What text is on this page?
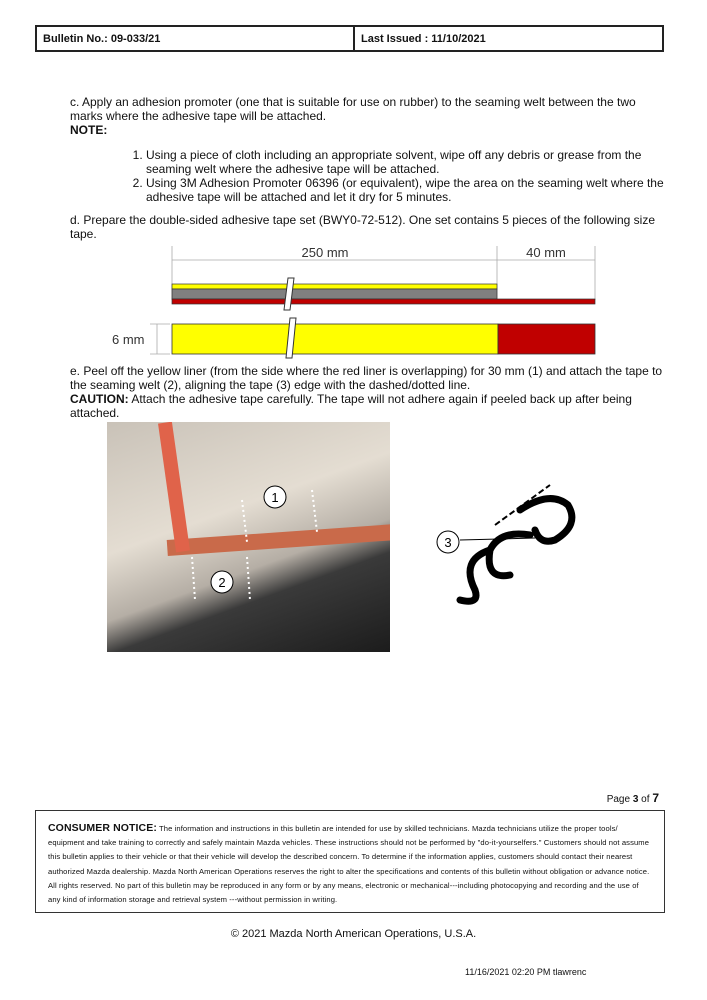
Bulletin No.: 09-033/21	Last Issued : 11/10/2021
c. Apply an adhesion promoter (one that is suitable for use on rubber) to the seaming welt between the two marks where the adhesive tape will be attached.
NOTE:
1. Using a piece of cloth including an appropriate solvent, wipe off any debris or grease from the seaming welt where the adhesive tape will be attached.
2. Using 3M Adhesion Promoter 06396 (or equivalent), wipe the area on the seaming welt where the adhesive tape will be attached and let it dry for 5 minutes.
d. Prepare the double-sided adhesive tape set (BWY0-72-512). One set contains 5 pieces of the following size tape.
250 mm	40 mm
6 mm
e. Peel off the yellow liner (from the side where the red liner is overlapping) for 30 mm (1) and attach the tape to the seaming welt (2), aligning the tape (3) edge with the dashed/dotted line.
CAUTION: Attach the adhesive tape carefully. The tape will not adhere again if peeled back up after being attached.
1
2
3
Page 3 of 7
CONSUMER NOTICE: The information and instructions in this bulletin are intended for use by skilled technicians. Mazda technicians utilize the proper tools/ equipment and take training to correctly and safely maintain Mazda vehicles. These instructions should not be performed by "do-it-yourselfers." Customers should not assume this bulletin applies to their vehicle or that their vehicle will develop the described concern. To determine if the information applies, customers should contact their nearest authorized Mazda dealership. Mazda North American Operations reserves the right to alter the specifications and contents of this bulletin without obligation or advance notice. All rights reserved. No part of this bulletin may be reproduced in any form or by any means, electronic or mechanical---including photocopying and recording and the use of any kind of information storage and retrieval system ---without permission in writing.
© 2021 Mazda North American Operations, U.S.A.
11/16/2021 02:20 PM tlawrenc
